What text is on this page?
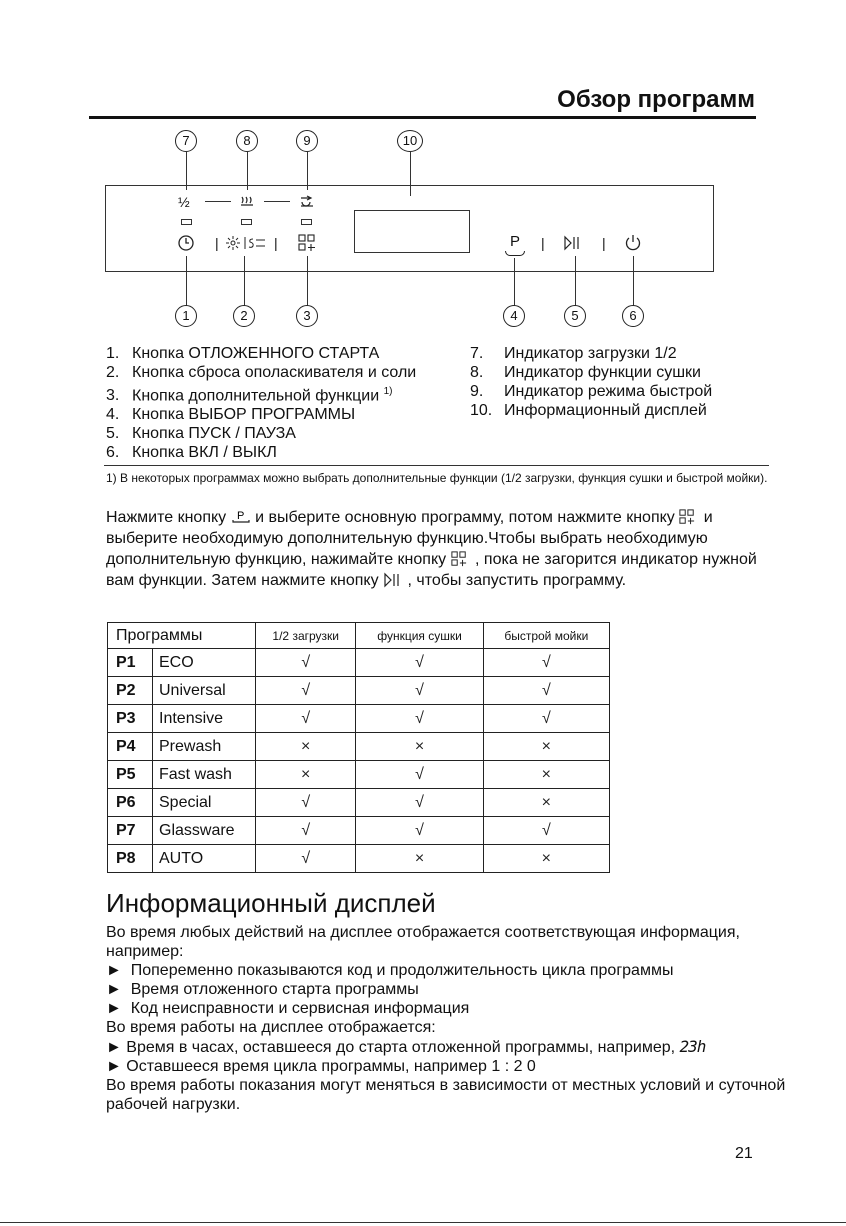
Обзор программ
7	8	9	10
½
|	|	P	|	|
1	2	3	4	5	6
1. Кнопка ОТЛОЖЕННОГО СТАРТА
2. Кнопка сброса ополаскивателя и соли
3. Кнопка дополнительной функции $^{1)}$
4. Кнопка ВЫБОР ПРОГРАММЫ
5. Кнопка ПУСК / ПАУЗА
6. Кнопка ВКЛ / ВЫКЛ
7. Индикатор загрузки 1/2
8. Индикатор функции сушки
9. Индикатор режима быстрой
10. Информационный дисплей
1) В некоторых программах можно выбрать дополнительные функции (1/2 загрузки, функция сушки и быстрой мойки).
Нажмите кнопку P и выберите основную программу, потом нажмите кнопку и выберите необходимую дополнительную функцию.Чтобы выбрать необходимую дополнительную функцию, нажимайте кнопку , пока не загорится индикатор нужной вам функции. Затем нажмите кнопку , чтобы запустить программу.
Программы		1/2 загрузки	функция сушки	быстрой мойки
P1	ECO	√	√	√
P2	Universal	√	√	√
P3	Intensive	√	√	√
P4	Prewash	×	×	×
P5	Fast wash	×	√	×
P6	Special	√	√	×
P7	Glassware	√	√	√
P8	AUTO	√	×	×
Информационный дисплей
Во время любых действий на дисплее отображается соответствующая информация, например:
►  Попеременно показываются код и продолжительность цикла программы
►  Время отложенного старта программы
►  Код неисправности и сервисная информация
Во время работы на дисплее отображается:
► Время в часах, оставшееся до старта отложенной программы, например, 23h
► Оставшееся время цикла программы, например 1 : 2 0
Во время работы показания могут меняться в зависимости от местных условий и суточной рабочей нагрузки.
21
